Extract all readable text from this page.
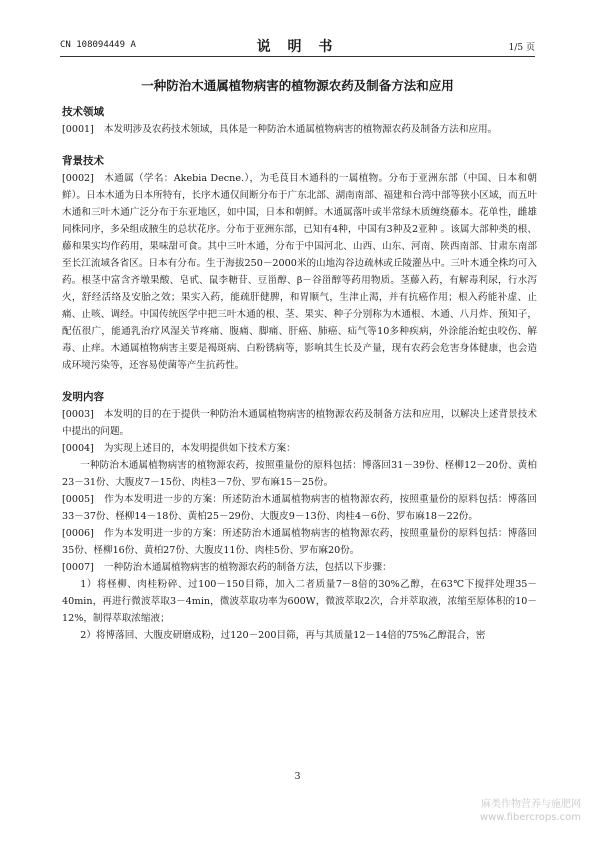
CN 108094449 A	说 明 书	1/5 页
一种防治木通属植物病害的植物源农药及制备方法和应用

技术领域

[0001] 本发明涉及农药技术领域，具体是一种防治木通属植物病害的植物源农药及制备方法和应用。

背景技术

[0002] 木通属（学名：Akebia Decne.），为毛茛目木通科的一属植物。分布于亚洲东部（中国、日本和朝鲜）。日本木通为日本所特有，长序木通仅间断分布于广东北部、湖南南部、福建和台湾中部等狭小区域，而五叶木通和三叶木通广泛分布于东亚地区，如中国，日本和朝鲜。木通属落叶或半常绿木质缠绕藤本。花单性，雌雄同株同序，多朵组成腋生的总状花序。分布于亚洲东部，已知有4种，中国有3种及2亚种 。该属大部种类的根、藤和果实均作药用，果味甜可食。其中三叶木通，分布于中国河北、山西、山东、河南、陕西南部、甘肃东南部至长江流域各省区。日本有分布。生于海拔250－2000米的山地沟谷边疏林或丘陵灌丛中。三叶木通全株均可入药。根茎中富含齐墩果酸、皂甙、鼠李糖苷、豆甾醇、β－谷甾醇等药用物质。茎藤入药，有解毒利尿，行水泻火，舒经活络及安胎之效；果实入药，能疏肝健脾，和胃顺气，生津止渴，并有抗癌作用；根入药能补虚、止痛、止咳、调经。中国传统医学中把三叶木通的根、茎、果实、种子分别称为木通根、木通、八月炸、预知子，配伍很广，能通乳治疗风湿关节疼痛、腹痛、脚痛、肝癌、肺癌、疝气等10多种疾病，外涂能治蛇虫咬伤、解毒、止痒。木通属植物病害主要是褐斑病、白粉锈病等，影响其生长及产量，现有农药会危害身体健康，也会造成环境污染等，还容易使菌等产生抗药性。

发明内容

[0003] 本发明的目的在于提供一种防治木通属植物病害的植物源农药及制备方法和应用，以解决上述背景技术中提出的问题。

[0004] 为实现上述目的，本发明提供如下技术方案：

一种防治木通属植物病害的植物源农药，按照重量份的原料包括：博落回31－39份、柽柳12－20份、黄柏23－31份、大腹皮7－15份、肉桂3－7份、罗布麻15－25份。

[0005] 作为本发明进一步的方案：所述防治木通属植物病害的植物源农药，按照重量份的原料包括：博落回33－37份、柽柳14－18份、黄柏25－29份、大腹皮9－13份、肉桂4－6份、罗布麻18－22份。

[0006] 作为本发明进一步的方案：所述防治木通属植物病害的植物源农药，按照重量份的原料包括：博落回35份、柽柳16份、黄柏27份、大腹皮11份、肉桂5份、罗布麻20份。

[0007] 一种防治木通属植物病害的植物源农药的制备方法，包括以下步骤：

1）将柽柳、肉桂粉碎、过100－150目筛，加入二者质量7－8倍的30%乙醇，在63℃下搅拌处理35－40min，再进行微波萃取3－4min，微波萃取功率为600W，微波萃取2次，合并萃取液，浓缩至原体积的10－12%，制得萃取浓缩液；

2）将博落回、大腹皮研磨成粉，过120－200目筛，再与其质量12－14倍的75%乙醇混合，密

3
麻类作物营养与施肥网
www.fibercrops.com
